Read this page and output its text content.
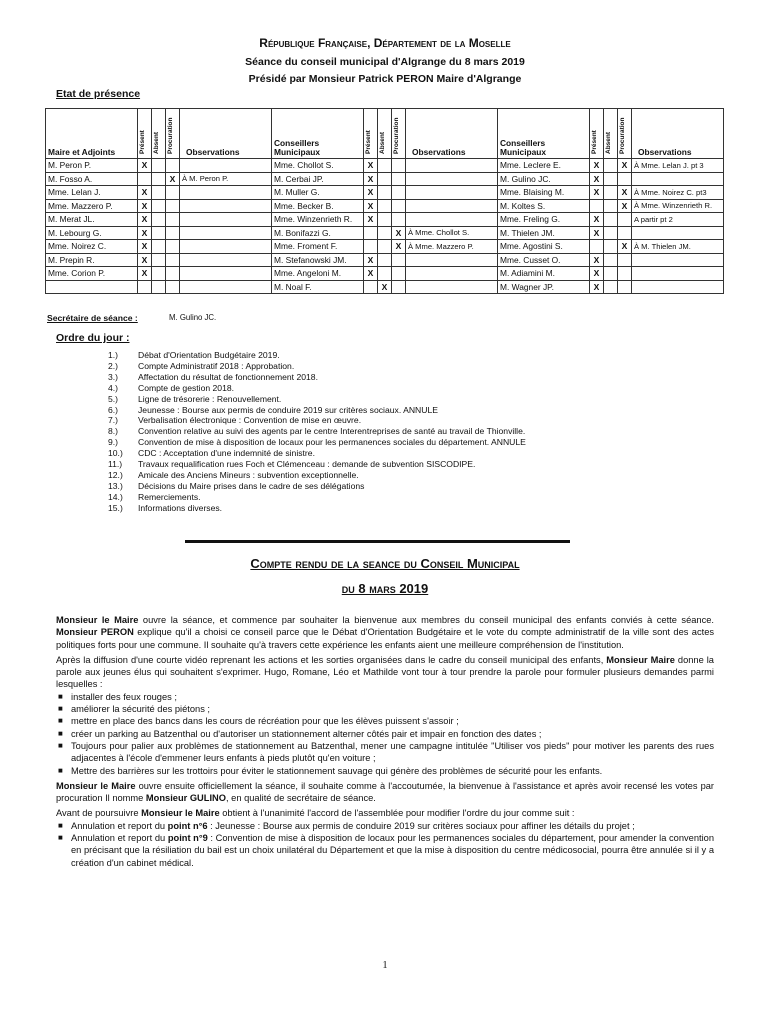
République Française, Département de la Moselle
Séance du conseil municipal d'Algrange du 8 mars 2019
Présidé par Monsieur Patrick PERON Maire d'Algrange
Etat de présence
Maire et Adjoints	Présent	Absent	Procuration	Observations	Conseillers Municipaux	Présent	Absent	Procuration	Observations	Conseillers Municipaux	Présent	Absent	Procuration	Observations
M. Peron P.	X				Mme. Chollot S.	X				Mme. Leclere E.	X		X	À Mme. Lelan J. pt 3
M. Fosso A.			X	À M. Peron P.	M. Cerbai JP.	X				M. Gulino JC.	X			
Mme. Lelan J.	X				M. Muller G.	X				Mme. Blaising M.	X		X	À Mme. Noirez C. pt3
Mme. Mazzero P.	X				Mme. Becker B.	X				M. Koltes S.			X	À Mme. Winzenrieth R.
M. Merat JL.	X				Mme. Winzenrieth R.	X				Mme. Freling G.	X			A partir pt 2
M. Lebourg G.	X				M. Bonifazzi G.			X	À Mme. Chollot S.	M. Thielen JM.	X			
Mme. Noirez C.	X				Mme. Froment F.			X	À Mme. Mazzero P.	Mme. Agostini S.			X	À M. Thielen JM.
M. Prepin R.	X				M. Stefanowski JM.	X				Mme. Cusset O.	X			
Mme. Corion P.	X				Mme. Angeloni M.	X				M. Adiamini M.	X			
					M. Noal F.		X			M. Wagner JP.	X			
Secrétaire de séance :	M. Gulino JC.
Ordre du jour :
1.) Débat d'Orientation Budgétaire 2019.
2.) Compte Administratif 2018 : Approbation.
3.) Affectation du résultat de fonctionnement 2018.
4.) Compte de gestion 2018.
5.) Ligne de trésorerie : Renouvellement.
6.) Jeunesse : Bourse aux permis de conduire 2019 sur critères sociaux. ANNULE
7.) Verbalisation électronique : Convention de mise en œuvre.
8.) Convention relative au suivi des agents par le centre Interentreprises de santé au travail de Thionville.
9.) Convention de mise à disposition de locaux pour les permanences sociales du département. ANNULE
10.) CDC : Acceptation d'une indemnité de sinistre.
11.) Travaux requalification rues Foch et Clémenceau : demande de subvention SISCODIPE.
12.) Amicale des Anciens Mineurs : subvention exceptionnelle.
13.) Décisions du Maire prises dans le cadre de ses délégations
14.) Remerciements.
15.) Informations diverses.
Compte rendu de la seance du Conseil Municipal
du 8 mars 2019

Monsieur le Maire ouvre la séance, et commence par souhaiter la bienvenue aux membres du conseil municipal des enfants conviés à cette séance. Monsieur PERON explique qu'il a choisi ce conseil parce que le Débat d'Orientation Budgétaire et le vote du compte administratif de la ville sont des actes politiques forts pour une commune. Il souhaite qu'à travers cette expérience les enfants aient une meilleure compréhension de l'institution.

Après la diffusion d'une courte vidéo reprenant les actions et les sorties organisées dans le cadre du conseil municipal des enfants, Monsieur Maire donne la parole aux jeunes élus qui souhaitent s'exprimer. Hugo, Romane, Léo et Mathilde vont tour à tour prendre la parole pour formuler plusieurs demandes parmi lesquelles :

■ installer des feux rouges ;
■ améliorer la sécurité des piétons ;
■ mettre en place des bancs dans les cours de récréation pour que les élèves puissent s'assoir ;
■ créer un parking au Batzenthal ou d'autoriser un stationnement alterner côtés pair et impair en fonction des dates ;
■ Toujours pour palier aux problèmes de stationnement au Batzenthal, mener une campagne intitulée "Utiliser vos pieds" pour motiver les parents des rues adjacentes à l'école d'emmener leurs enfants à pieds plutôt qu'en voiture ;
■ Mettre des barrières sur les trottoirs pour éviter le stationnement sauvage qui génère des problèmes de sécurité pour les enfants.

Monsieur le Maire ouvre ensuite officiellement la séance, il souhaite comme à l'accoutumée, la bienvenue à l'assistance et après avoir recensé les votes par procuration Il nomme Monsieur GULINO, en qualité de secrétaire de séance.

Avant de poursuivre Monsieur le Maire obtient à l'unanimité l'accord de l'assemblée pour modifier l'ordre du jour comme suit :

■ Annulation et report du point n°6 : Jeunesse : Bourse aux permis de conduire 2019 sur critères sociaux pour affiner les détails du projet ;
■ Annulation et report du point n°9 : Convention de mise à disposition de locaux pour les permanences sociales du département, pour amender la convention en précisant que la résiliation du bail est un choix unilatéral du Département et que la mise à disposition du centre médicosocial, pourra être annulée si il y a création d'un cabinet médical.
1
